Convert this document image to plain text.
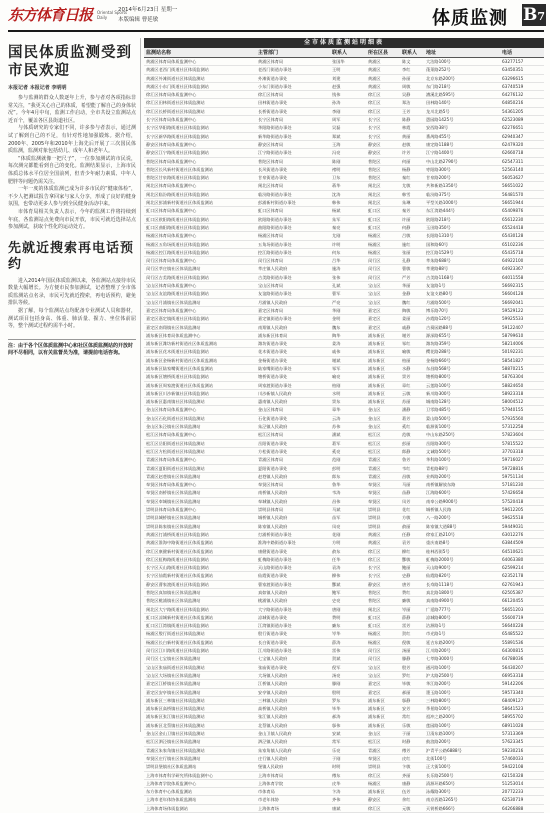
东方体育日报 Oriental Sports Daily
2014年6月23日 星期一
本版编辑 曹延敏	体质监测 B7
国民体质监测受到市民欢迎
本报记者 本报记者 李明明

参与监测的群众人数逐年上升，参与者对各项指标非常关注，“我更关心自己的体质，希望能了解自己的身体状况”。今年4月中旬，监测工作启动，全市共设立监测站点近百个，覆盖各区县街道社区。

与体质研究的专家们不同，许多参与者表示，通过测试了解到自己的不足，有针对性地加强锻炼。据介绍，2000年、2005年和2010年上海先后开展了三次国民体质监测，监测对象包括幼儿、成年人和老年人。

“体质监测就像一把尺子”，一位参加测试的市民说，每次测完都能看到自己的变化。监测结果显示，上海市民体质总体水平位居全国前列，但青少年耐力素质、中年人肥胖等问题仍需关注。

一年一度的体质监测已成为许多市民的“健康体检”，不少人把测试报告拿回家与家人分享，形成了良好的健身氛围，也带动更多人参与到全民健身活动中来。

市体育局相关负责人表示，今年的监测工作将持续到年底，各监测站点免费向市民开放，市民可就近选择站点参加测试，获取个性化的运动处方。

先就近搜索再电话预约

进入2014年国民体质监测以来，各监测站点接待市民数量大幅增长。为方便市民参加测试，记者整理了全市体质监测站点名录，市民可先就近搜索，再电话预约，避免排队等候。

据了解，每个监测站点均配备专业测试人员和器材，测试项目包括身高、体重、肺活量、握力、坐位体前屈等，整个测试过程约需半小时。

注：由于各个区体质监测中心和社区体质监测站的开放时间不尽相同，以有关监督员为准，请提前电话咨询。
全市体质监测站明细表
监测站名称	主管部门	联系人	所在区县	联系人	地址	电话
黄浦区体育局体质监测中心	黄浦区体育局	张国华	黄浦区	陈文	大沽路100号	63277157
黄浦区老西门街道社区体质监测站	老西门街道办事处	王明	黄浦区	李红	蓬莱路252号	63450351
黄浦区外滩街道社区体质监测站	外滩街道办事处	刘建	黄浦区	孙丽	北京东路200号	63296615
黄浦区小东门街道社区体质监测站	小东门街道办事处	赵强	黄浦区	周敏	东门路218号	63740519
徐汇区体育局体质监测中心	徐汇区体育局	钱伟	徐汇区	吴静	漕溪北路595号	64276132
徐汇区田林街道社区体质监测站	田林街道办事处	孙涛	徐汇区	郑洁	田林路140号	64850216
徐汇区长桥街道社区体质监测站	长桥街道办事处	李刚	徐汇区	王芳	龙川北路5号	54361205
长宁区体育局体质监测中心	长宁区体育局	周军	长宁区	陈静	愚园路1425号	62523089
长宁区华阳路街道社区体质监测站	华阳路街道办事处	吴磊	长宁区	林霞	安西路38号	62276651
长宁区新华路街道社区体质监测站	新华路街道办事处	郑斌	长宁区	黄丽	番禺路455号	62940347
静安区体育局体质监测中心	静安区体育局	王海	静安区	赵敏	康定路1188号	62479320
静安区江宁路街道社区体质监测站	江宁路街道办事处	冯亮	静安区	许芳	江宁路1400号	62660718
普陀区体育局体质监测中心	普陀区体育局	陈刚	普陀区	何丽	中山北路2790号	62547311
普陀区长风新村街道社区体质监测站	长风街道办事处	褚明	普陀区	杨静	枣阳路300号	52563140
普陀区甘泉路街道社区体质监测站	甘泉街道办事处	卫东	普陀区	秦红	甘泉路200号	56053627
闸北区体育局体质监测中心	闸北区体育局	蒋华	闸北区	尤敏	共和新路1350号	56651022
闸北区临汾路街道社区体质监测站	临汾路街道办事处	沈涛	闸北区	韩雪	临汾路375号	56481570
闸北区彭浦新村街道社区体质监测站	彭浦新村街道办事处	韩伟	闸北区	朱琳	平型关路1000号	56651944
虹口区体育局体质监测中心	虹口区体育局	杨斌	虹口区	秦芳	东江湾路444号	65409876
虹口区欧阳路街道社区体质监测站	欧阳路街道办事处	朱军	虹口区	许丽	欧阳路218号	65612230
虹口区曲阳路街道社区体质监测站	曲阳路街道办事处	秦亮	虹口区	何静	玉田路350号	65524418
杨浦区体育局体质监测中心	杨浦区体育局	尤刚	杨浦区	吕敏	长阳路1310号	65430128
杨浦区五角场街道社区体质监测站	五角场街道办事处	许明	杨浦区	施红	国和路60号	65102236
杨浦区控江路街道社区体质监测站	控江路街道办事处	何东	杨浦区	张丽	控江路1529号	65435718
闵行区体育局体质监测中心	闵行区体育局	吕华	闵行区	孔静	莘朱路688号	64922100
闵行区莘庄镇社区体质监测站	莘庄镇人民政府	施涛	闵行区	曹敏	莘建路88号	64923367
闵行区古美路街道社区体质监测站	古美路街道办事处	张伟	闵行区	严芳	古美路1168号	64011558
宝山区体育局体质监测中心	宝山区体育局	孔斌	宝山区	华丽	友谊路1号	56692315
宝山区友谊路街道社区体质监测站	友谊路街道办事处	曹军	宝山区	金静	友谊支路80号	56604128
宝山区月浦镇社区体质监测站	月浦镇人民政府	严亮	宝山区	魏红	月浦路500号	56692041
嘉定区体育局体质监测中心	嘉定区体育局	华刚	嘉定区	陶敏	博乐路70号	59529122
嘉定区嘉定镇街道社区体质监测站	嘉定镇街道办事处	金明	嘉定区	姜丽	沙霞路120号	59925533
嘉定区南翔镇社区体质监测站	南翔镇人民政府	魏东	嘉定区	戚静	古猗园路88号	59122407
浦东新区体育局体质监测中心	浦东新区体育局	陶华	浦东新区	谢芳	源深路655号	58799610
浦东新区潍坊新村街道社区体质监测站	潍坊街道办事处	姜涛	浦东新区	邹红	潍坊路359号	58214006
浦东新区花木街道社区体质监测站	花木街道办事处	戚伟	浦东新区	喻敏	樱花路288号	50192231
浦东新区金杨新村街道社区体质监测站	金杨街道办事处	谢斌	浦东新区	柏丽	金杨路660号	58541827
浦东新区陆家嘴街道社区体质监测站	陆家嘴街道办事处	邹军	浦东新区	水静	东昌路568号	58870215
浦东新区塘桥街道社区体质监测站	塘桥街道办事处	喻亮	浦东新区	窦芳	塘桥路800号	58763304
浦东新区周家渡街道社区体质监测站	周家渡街道办事处	柏刚	浦东新区	章红	云莲路100号	58824650
浦东新区川沙新镇社区体质监测站	川沙新镇人民政府	水明	浦东新区	云敏	新川路300号	58923318
浦东新区惠南镇社区体质监测站	惠南镇人民政府	窦东	浦东新区	苏丽	城南路128号	58004512
金山区体育局体质监测中心	金山区体育局	章华	金山区	潘静	卫零路485号	57940155
金山区石化街道社区体质监测站	石化街道办事处	云涛	金山区	葛芳	蒙山路500号	57935560
金山区朱泾镇社区体质监测站	朱泾镇人民政府	苏伟	金山区	奚红	临源街100号	57312258
松江区体育局体质监测中心	松江区体育局	潘斌	松江区	范敏	中山东路250号	57823604
松江区岳阳街道社区体质监测站	岳阳街道办事处	葛军	松江区	彭丽	岳阳路300号	57815522
松江区方松街道社区体质监测站	方松街道办事处	奚亮	松江区	郎静	文诚路500号	37703318
青浦区体育局体质监测中心	青浦区体育局	范刚	青浦区	鲁芳	华科路100号	59716027
青浦区夏阳街道社区体质监测站	夏阳街道办事处	彭明	青浦区	韦红	青松路88号	59728816
青浦区赵巷镇社区体质监测站	赵巷镇人民政府	郎东	青浦区	昌敏	业辉路200号	59751134
奉贤区体育局体质监测中心	奉贤区体育局	鲁华	奉贤区	马丽	南桥镇解放东路	57181230
奉贤区南桥镇社区体质监测站	南桥镇人民政府	韦涛	奉贤区	苗静	江海路600号	57426658
奉贤区奉城镇社区体质监测站	奉城镇人民政府	昌伟	奉贤区	凤芳	南奉公路9000号	57520418
崇明县体育局体质监测中心	崇明县体育局	马斌	崇明县	花红	城桥镇人民路	59612205
崇明县城桥镇社区体质监测站	城桥镇人民政府	苗军	崇明县	方敏	八一路200号	59625518
崇明县陈家镇社区体质监测站	陈家镇人民政府	凤亮	崇明县	俞丽	陈家镇大道88号	59449031
黄浦区打浦桥街道社区体质监测站	打浦桥街道办事处	花刚	黄浦区	任静	徐家汇路210号	63012276
黄浦区淮海中路街道社区体质监测站	淮海中路街道办事处	方明	黄浦区	袁芳	重庆南路8号	63844509
徐汇区康健新村街道社区体质监测站	康健街道办事处	俞东	徐汇区	柳红	桂林西街5号	64510621
徐汇区虹梅路街道社区体质监测站	虹梅路街道办事处	任华	徐汇区	酆敏	虹梅路2000号	64063380
长宁区天山路街道社区体质监测站	天山路街道办事处	袁涛	长宁区	鲍丽	天山路900号	62599214
长宁区仙霞新村街道社区体质监测站	仙霞街道办事处	柳伟	长宁区	史静	仙霞路820号	62352178
静安区曹家渡街道社区体质监测站	曹家渡街道办事处	酆斌	静安区	唐芳	长寿路1118号	62761943
普陀区真如镇社区体质监测站	真如镇人民政府	鲍军	普陀区	费红	真北路1800号	62505387
普陀区桃浦镇社区体质监测站	桃浦镇人民政府	史亮	普陀区	廉敏	真南路4900号	66120455
闸北区大宁路街道社区体质监测站	大宁路街道办事处	唐刚	闸北区	岑丽	广延路777号	56651203
虹口区凉城新村街道社区体质监测站	凉城街道办事处	费明	虹口区	薛静	凉城路800号	55600719
虹口区江湾镇街道社区体质监测站	江湾镇街道办事处	廉东	虹口区	雷芳	沽源路1号	56640228
杨浦区殷行街道社区体质监测站	殷行街道办事处	岑华	杨浦区	贺红	市光路1号	65485522
杨浦区长白新村街道社区体质监测站	长白街道办事处	薛涛	杨浦区	倪敏	延吉东路200号	55891536
闵行区江川路街道社区体质监测站	江川路街道办事处	雷伟	闵行区	汤丽	江川路200号	64300815
闵行区七宝镇社区体质监测站	七宝镇人民政府	贺斌	闵行区	滕静	七莘路3000号	64788036
宝山区张庙街道社区体质监测站	张庙街道办事处	倪军	宝山区	殷芳	通河路100号	56430207
宝山区大场镇社区体质监测站	大场镇人民政府	汤亮	宝山区	罗红	沪太路2500号	66953318
嘉定区江桥镇社区体质监测站	江桥镇人民政府	滕刚	嘉定区	毕敏	华江路200号	59142206
嘉定区安亭镇社区体质监测站	安亭镇人民政府	殷明	嘉定区	郝丽	墨玉路100号	59573340
浦东新区三林镇社区体质监测站	三林镇人民政府	罗东	浦东新区	邬静	三林路800号	68409127
浦东新区高桥镇社区体质监测站	高桥镇人民政府	毕华	浦东新区	安芳	季景路100号	58641523
浦东新区张江镇社区体质监测站	张江镇人民政府	郝涛	浦东新区	常红	祖冲之路200号	58955702
浦东新区北蔡镇社区体质监测站	北蔡镇人民政府	邬伟	浦东新区	乐敏	莲园路100号	68911028
金山区金山卫镇社区体质监测站	金山卫镇人民政府	安斌	金山区	于丽	卫清东路100号	57313369
松江区泗泾镇社区体质监测站	泗泾镇人民政府	常军	松江区	时静	鼓浪路200号	57623345
青浦区朱家角镇社区体质监测站	朱家角镇人民政府	乐亮	青浦区	傅芳	沪青平公路6888号	59230216
奉贤区庄行镇社区体质监测站	庄行镇人民政府	于刚	奉贤区	皮红	北街100号	57460033
崇明县堡镇社区体质监测站	堡镇人民政府	时明	崇明县	卞敏	正大街100号	59422108
上海市体育科学研究所体质监测中心	上海市体育局	傅东	徐汇区	齐丽	长乐路2500号	62150328
上海体育学院体质监测中心	上海体育学院	皮华	杨浦区	康静	清源环路650号	51253014
东方体育中心体质监测站	市体育局	卞涛	浦东新区	伍芳	泳耀路300号	20772233
上海市老年体协体质监测站	市老年体协	齐伟	静安区	余红	南京西路1265号	62530719
上海体育场体质监测站	上海体育场	康斌	徐汇区	元敏	天钥桥路666号	64266888
